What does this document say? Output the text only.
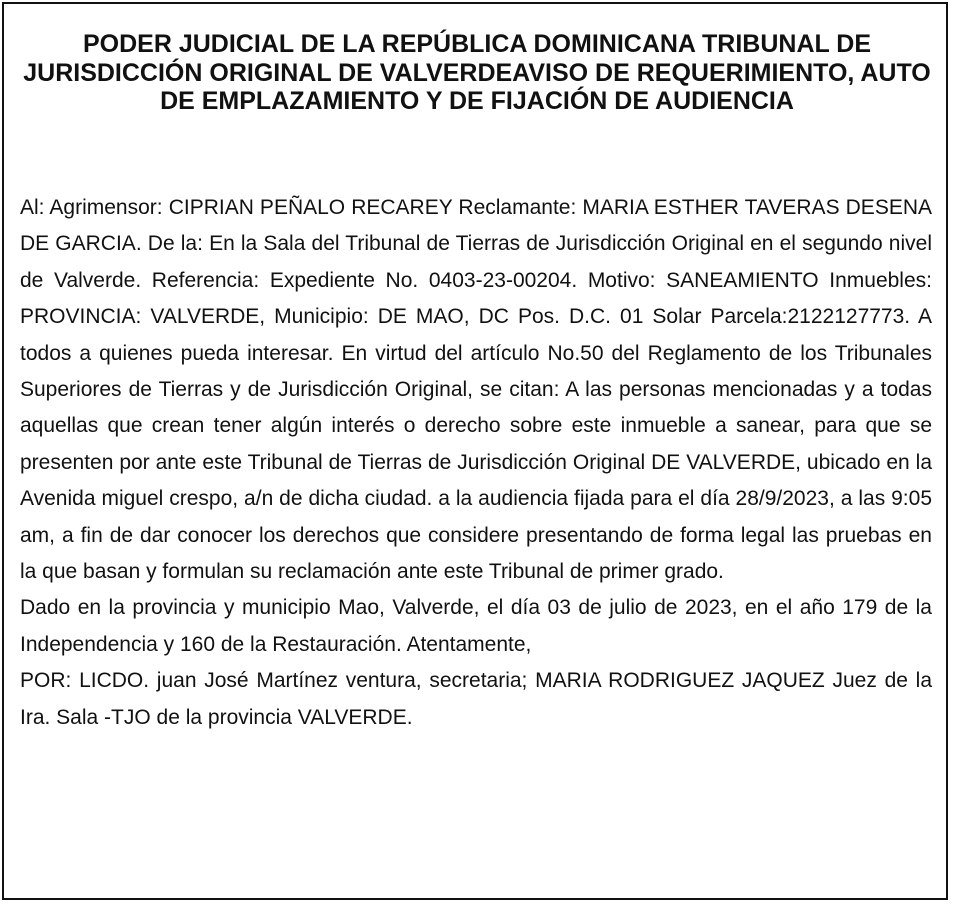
PODER JUDICIAL DE LA REPÚBLICA DOMINICANA TRIBUNAL DE JURISDICCIÓN ORIGINAL DE VALVERDEAVISO DE REQUERIMIENTO, AUTO DE EMPLAZAMIENTO Y DE FIJACIÓN DE AUDIENCIA

Al: Agrimensor: CIPRIAN PEÑALO RECAREY Reclamante: MARIA ESTHER TAVERAS DESENA DE GARCIA. De la: En la Sala del Tribunal de Tierras de Jurisdicción Original en el segundo nivel de Valverde. Referencia: Expediente No. 0403-23-00204. Motivo: SANEAMIENTO Inmuebles: PROVINCIA: VALVERDE, Municipio: DE MAO, DC Pos. D.C. 01 Solar Parcela:2122127773. A todos a quienes pueda interesar. En virtud del artículo No.50 del Reglamento de los Tribunales Superiores de Tierras y de Jurisdicción Original, se citan: A las personas mencionadas y a todas aquellas que crean tener algún interés o derecho sobre este inmueble a sanear, para que se presenten por ante este Tribunal de Tierras de Jurisdicción Original DE VALVERDE, ubicado en la Avenida miguel crespo, a/n de dicha ciudad. a la audiencia fijada para el día 28/9/2023, a las 9:05 am, a fin de dar conocer los derechos que considere presentando de forma legal las pruebas en la que basan y formulan su reclamación ante este Tribunal de primer grado.

Dado en la provincia y municipio Mao, Valverde, el día 03 de julio de 2023, en el año 179 de la Independencia y 160 de la Restauración. Atentamente,

POR: LICDO. juan José Martínez ventura, secretaria; MARIA RODRIGUEZ JAQUEZ Juez de la Ira. Sala -TJO de la provincia VALVERDE.
